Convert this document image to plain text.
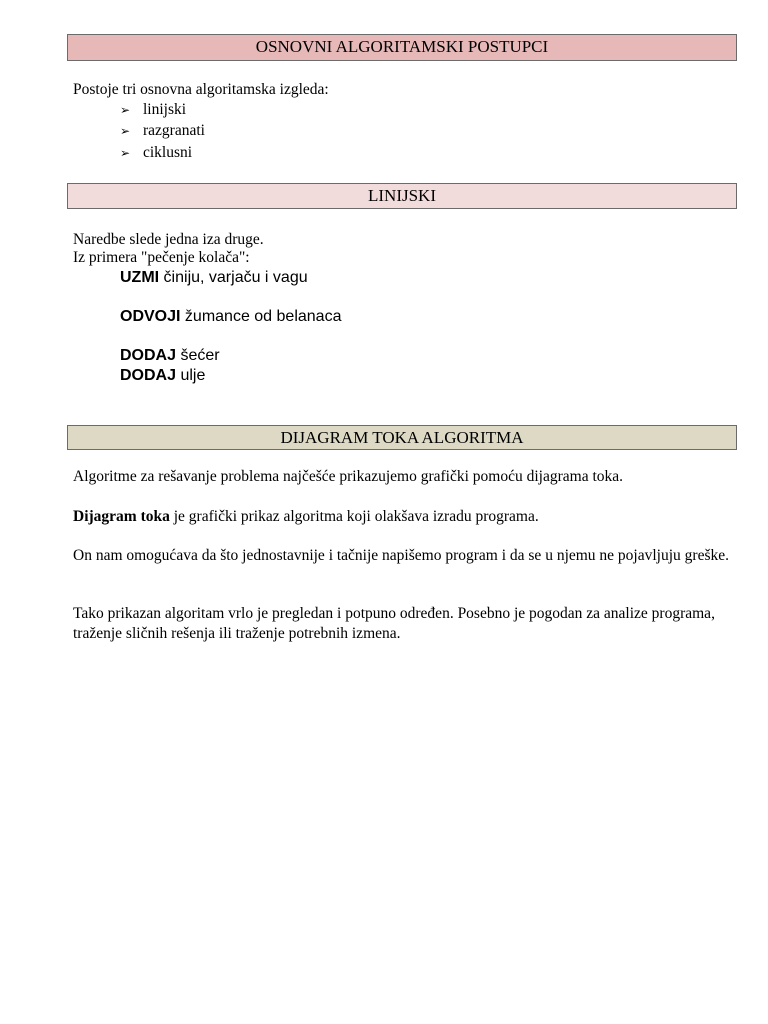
OSNOVNI ALGORITAMSKI POSTUPCI
Postoje tri osnovna algoritamska izgleda:
➢ linijski
➢ razgranati
➢ ciklusni
LINIJSKI
Naredbe slede jedna iza druge.
Iz primera "pečenje kolača":
UZMI činiju, varjaču i vagu
ODVOJI žumance od belanaca
DODAJ šećer
DODAJ ulje
DIJAGRAM TOKA ALGORITMA
Algoritme za rešavanje problema najčešće prikazujemo grafički pomoću dijagrama toka.
Dijagram toka je grafički prikaz algoritma koji olakšava izradu programa.
On nam omogućava da što jednostavnije i tačnije napišemo program i da se u njemu ne pojavljuju greške.
Tako prikazan algoritam vrlo je pregledan i potpuno određen. Posebno je pogodan za analize programa, traženje sličnih rešenja ili traženje potrebnih izmena.
